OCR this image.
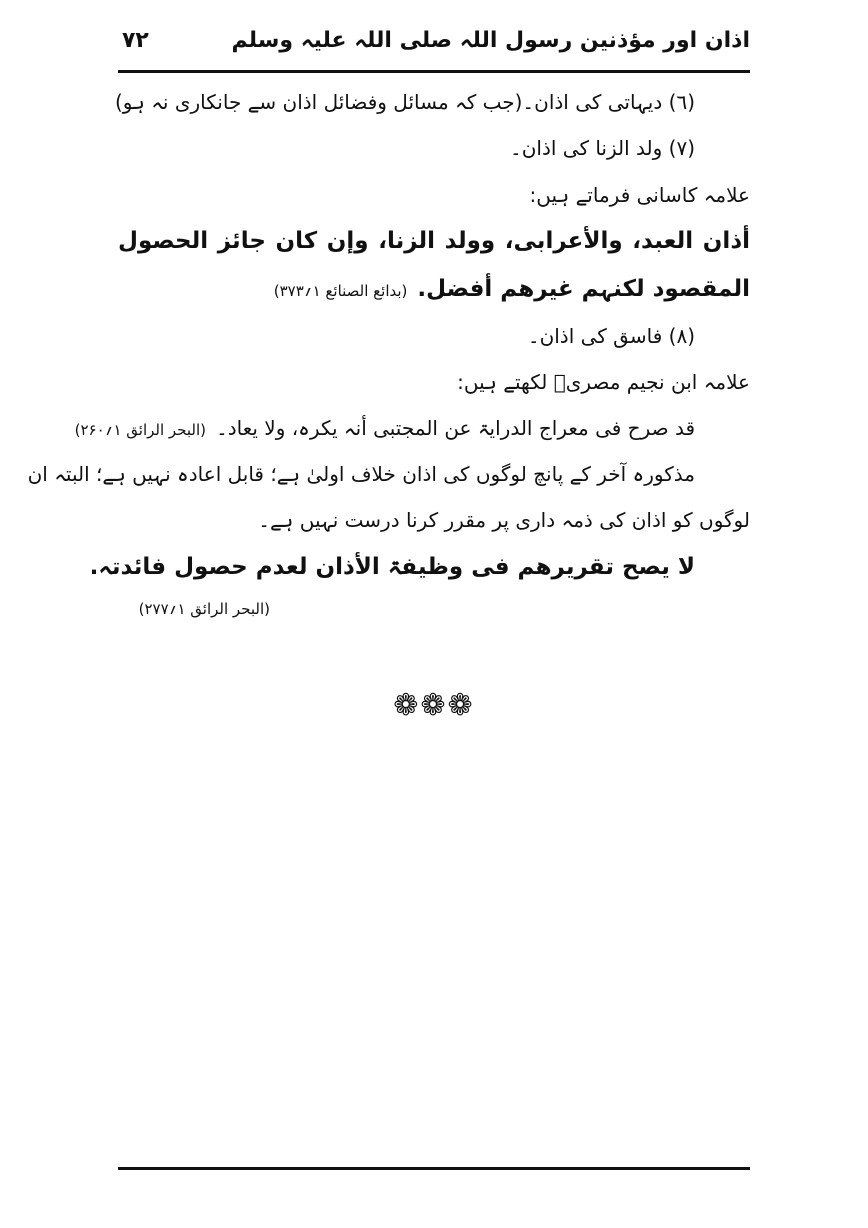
اذان اور مؤذنین رسول اللہ صلی اللہ علیہ وسلم
۷۲
(٦) دیہاتی کی اذان۔(جب کہ مسائل وفضائل اذان سے جانکاری نہ ہو)
(٧) ولد الزنا کی اذان۔
علامہ کاسانی فرماتے ہیں:
أذان العبد، والأعرابی، وولد الزنا، وإن کان جائز الحصول
المقصود لکنہم غیرھم أفضل.(بدائع الصنائع ۱؍۳۷۳)
(٨) فاسق کی اذان۔
علامہ ابن نجیم مصریؒ لکھتے ہیں:
قد صرح فی معراج الدرایۃ عن المجتبی أنہ یکرہ، ولا یعاد۔(البحر الرائق ۱؍۲۶۰)
مذکورہ آخر کے پانچ لوگوں کی اذان خلاف اولیٰ ہے؛ قابل اعادہ نہیں ہے؛ البتہ ان
لوگوں کو اذان کی ذمہ داری پر مقرر کرنا درست نہیں ہے۔
لا یصح تقریرھم فی وظیفۃ الأذان لعدم حصول فائدتہ.
(البحر الرائق ۱؍۲۷۷)
❁❁❁
